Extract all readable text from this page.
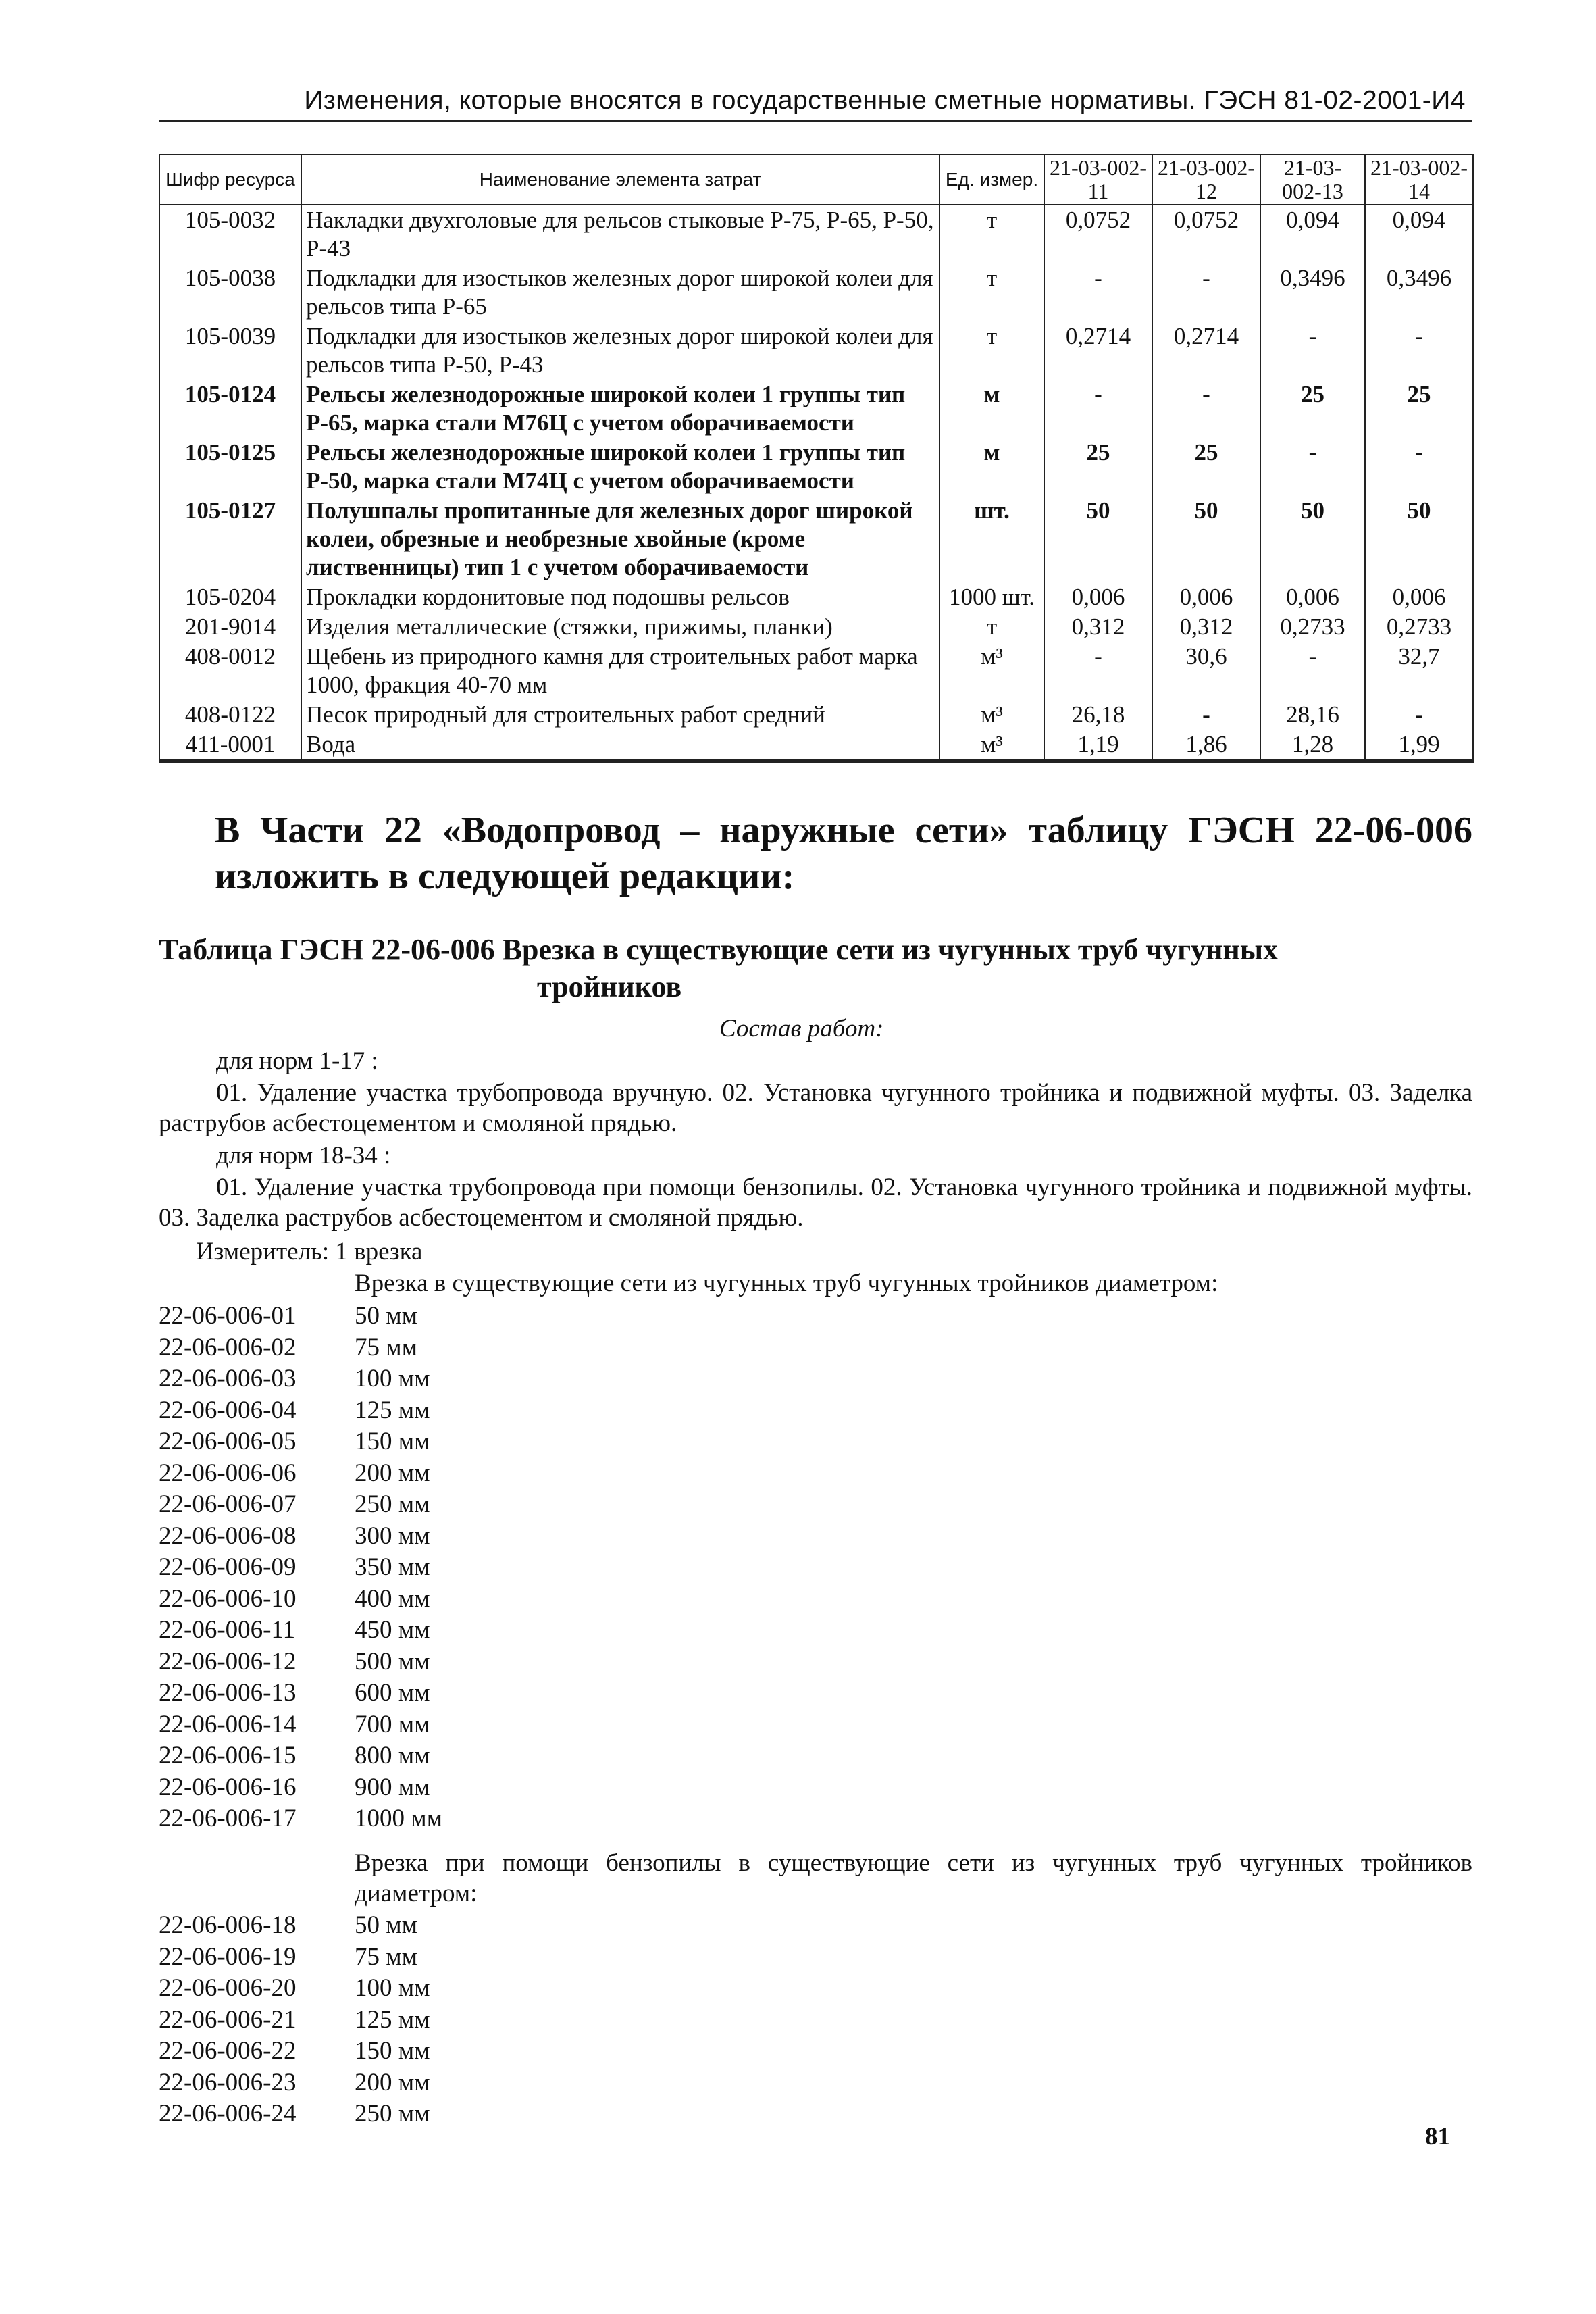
Изменения, которые вносятся в государственные сметные нормативы. ГЭСН 81-02-2001-И4
Шифр ресурса	Наименование элемента затрат	Ед. измер.	21-03-002-11	21-03-002-12	21-03-002-13	21-03-002-14
105-0032	Накладки двухголовые для рельсов стыковые Р-75, Р-65, Р-50, Р-43	т	0,0752	0,0752	0,094	0,094
105-0038	Подкладки для изостыков железных дорог широкой колеи для рельсов типа Р-65	т	-	-	0,3496	0,3496
105-0039	Подкладки для изостыков железных дорог широкой колеи для рельсов типа Р-50, Р-43	т	0,2714	0,2714	-	-
105-0124	Рельсы железнодорожные широкой колеи 1 группы тип Р-65, марка стали М76Ц с учетом оборачиваемости	м	-	-	25	25
105-0125	Рельсы железнодорожные широкой колеи 1 группы тип Р-50, марка стали М74Ц с учетом оборачиваемости	м	25	25	-	-
105-0127	Полушпалы пропитанные для железных дорог широкой колеи, обрезные и необрезные хвойные (кроме лиственницы) тип 1 с учетом оборачиваемости	шт.	50	50	50	50
105-0204	Прокладки кордонитовые под подошвы рельсов	1000 шт.	0,006	0,006	0,006	0,006
201-9014	Изделия металлические (стяжки, прижимы, планки)	т	0,312	0,312	0,2733	0,2733
408-0012	Щебень из природного камня для строительных работ марка 1000, фракция 40-70 мм	м³	-	30,6	-	32,7
408-0122	Песок природный для строительных работ средний	м³	26,18	-	28,16	-
411-0001	Вода	м³	1,19	1,86	1,28	1,99
В Части 22 «Водопровод – наружные сети» таблицу ГЭСН 22-06-006 изложить в следующей редакции:
Таблица ГЭСН 22-06-006 Врезка в существующие сети из чугунных труб чугунных
тройников
Состав работ:
для норм 1-17 :
01. Удаление участка трубопровода вручную. 02. Установка чугунного тройника и подвижной муфты. 03. Заделка раструбов асбестоцементом и смоляной прядью.
для норм 18-34 :
01. Удаление участка трубопровода при помощи бензопилы. 02. Установка чугунного тройника и подвижной муфты. 03. Заделка раструбов асбестоцементом и смоляной прядью.
Измеритель: 1 врезка
Врезка в существующие сети из чугунных труб чугунных тройников диаметром:
22-06-006-01 50 мм
22-06-006-02 75 мм
22-06-006-03 100 мм
22-06-006-04 125 мм
22-06-006-05 150 мм
22-06-006-06 200 мм
22-06-006-07 250 мм
22-06-006-08 300 мм
22-06-006-09 350 мм
22-06-006-10 400 мм
22-06-006-11 450 мм
22-06-006-12 500 мм
22-06-006-13 600 мм
22-06-006-14 700 мм
22-06-006-15 800 мм
22-06-006-16 900 мм
22-06-006-17 1000 мм
Врезка при помощи бензопилы в существующие сети из чугунных труб чугунных тройников диаметром:
22-06-006-18 50 мм
22-06-006-19 75 мм
22-06-006-20 100 мм
22-06-006-21 125 мм
22-06-006-22 150 мм
22-06-006-23 200 мм
22-06-006-24 250 мм
81
